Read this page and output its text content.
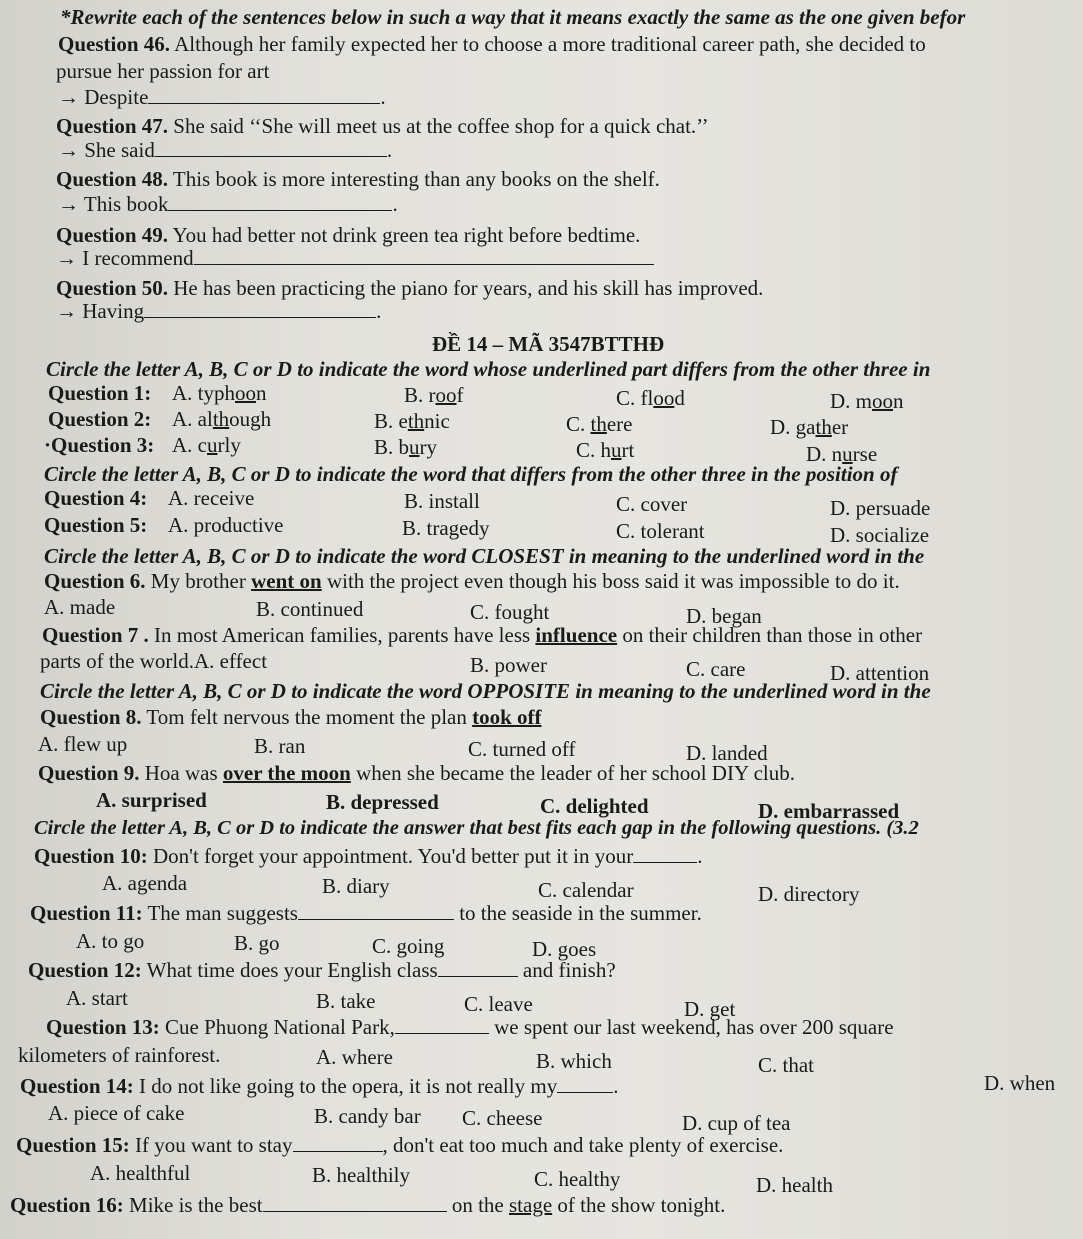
*Rewrite each of the sentences below in such a way that it means exactly the same as the one given befor
Question 46. Although her family expected her to choose a more traditional career path, she decided to
pursue her passion for art
→ Despite	.
Question 47. She said ‘‘She will meet us at the coffee shop for a quick chat.’’
→ She said	.
Question 48. This book is more interesting than any books on the shelf.
→ This book	.
Question 49. You had better not drink green tea right before bedtime.
→ I recommend
Question 50. He has been practicing the piano for years, and his skill has improved.
→ Having	.
ĐỀ 14 – MÃ 3547BTTHĐ
Circle the letter A, B, C or D to indicate the word whose underlined part differs from the other three in
Question 1: A. typhoon	B. roof	C. flood	D. moon
Question 2: A. although	B. ethnic	C. there	D. gather
·Question 3: A. curly	B. bury	C. hurt	D. nurse
Circle the letter A, B, C or D to indicate the word that differs from the other three in the position of
Question 4: A. receive	B. install	C. cover	D. persuade
Question 5: A. productive	B. tragedy	C. tolerant	D. socialize
Circle the letter A, B, C or D to indicate the word CLOSEST in meaning to the underlined word in the
Question 6. My brother went on with the project even though his boss said it was impossible to do it.
A. made	B. continued	C. fought	D. began
Question 7 . In most American families, parents have less influence on their children than those in other
parts of the world.A. effect	B. power	C. care	D. attention
Circle the letter A, B, C or D to indicate the word OPPOSITE in meaning to the underlined word in the
Question 8. Tom felt nervous the moment the plan took off
A. flew up	B. ran	C. turned off	D. landed
Question 9. Hoa was over the moon when she became the leader of her school DIY club.
A. surprised	B. depressed	C. delighted	D. embarrassed
Circle the letter A, B, C or D to indicate the answer that best fits each gap in the following questions. (3.2
Question 10: Don't forget your appointment. You'd better put it in your	.
A. agenda	B. diary	C. calendar	D. directory
Question 11: The man suggests	to the seaside in the summer.
A. to go	B. go	C. going	D. goes
Question 12: What time does your English class	and finish?
A. start	B. take	C. leave	D. get
Question 13: Cue Phuong National Park,	we spent our last weekend, has over 200 square
kilometers of rainforest.	A. where	B. which	C. that
D. when
Question 14: I do not like going to the opera, it is not really my	.
A. piece of cake	B. candy bar C. cheese	D. cup of tea
Question 15: If you want to stay	, don't eat too much and take plenty of exercise.
A. healthful	B. healthily	C. healthy	D. health
Question 16: Mike is the best	on the stage of the show tonight.
